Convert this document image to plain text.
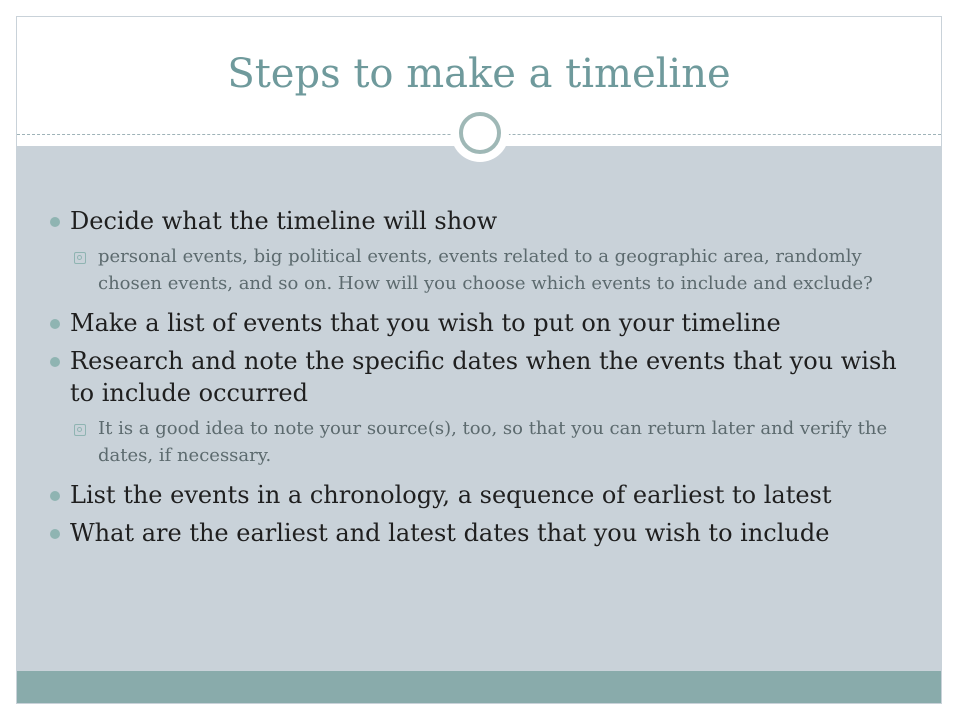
Steps to make a timeline
Decide what the timeline will show
personal events, big political events, events related to a geographic area, randomly chosen events, and so on. How will you choose which events to include and exclude?
Make a list of events that you wish to put on your timeline
Research and note the specific dates when the events that you wish to include occurred
It is a good idea to note your source(s), too, so that you can return later and verify the dates, if necessary.
List the events in a chronology, a sequence of earliest to latest
What are the earliest and latest dates that you wish to include
